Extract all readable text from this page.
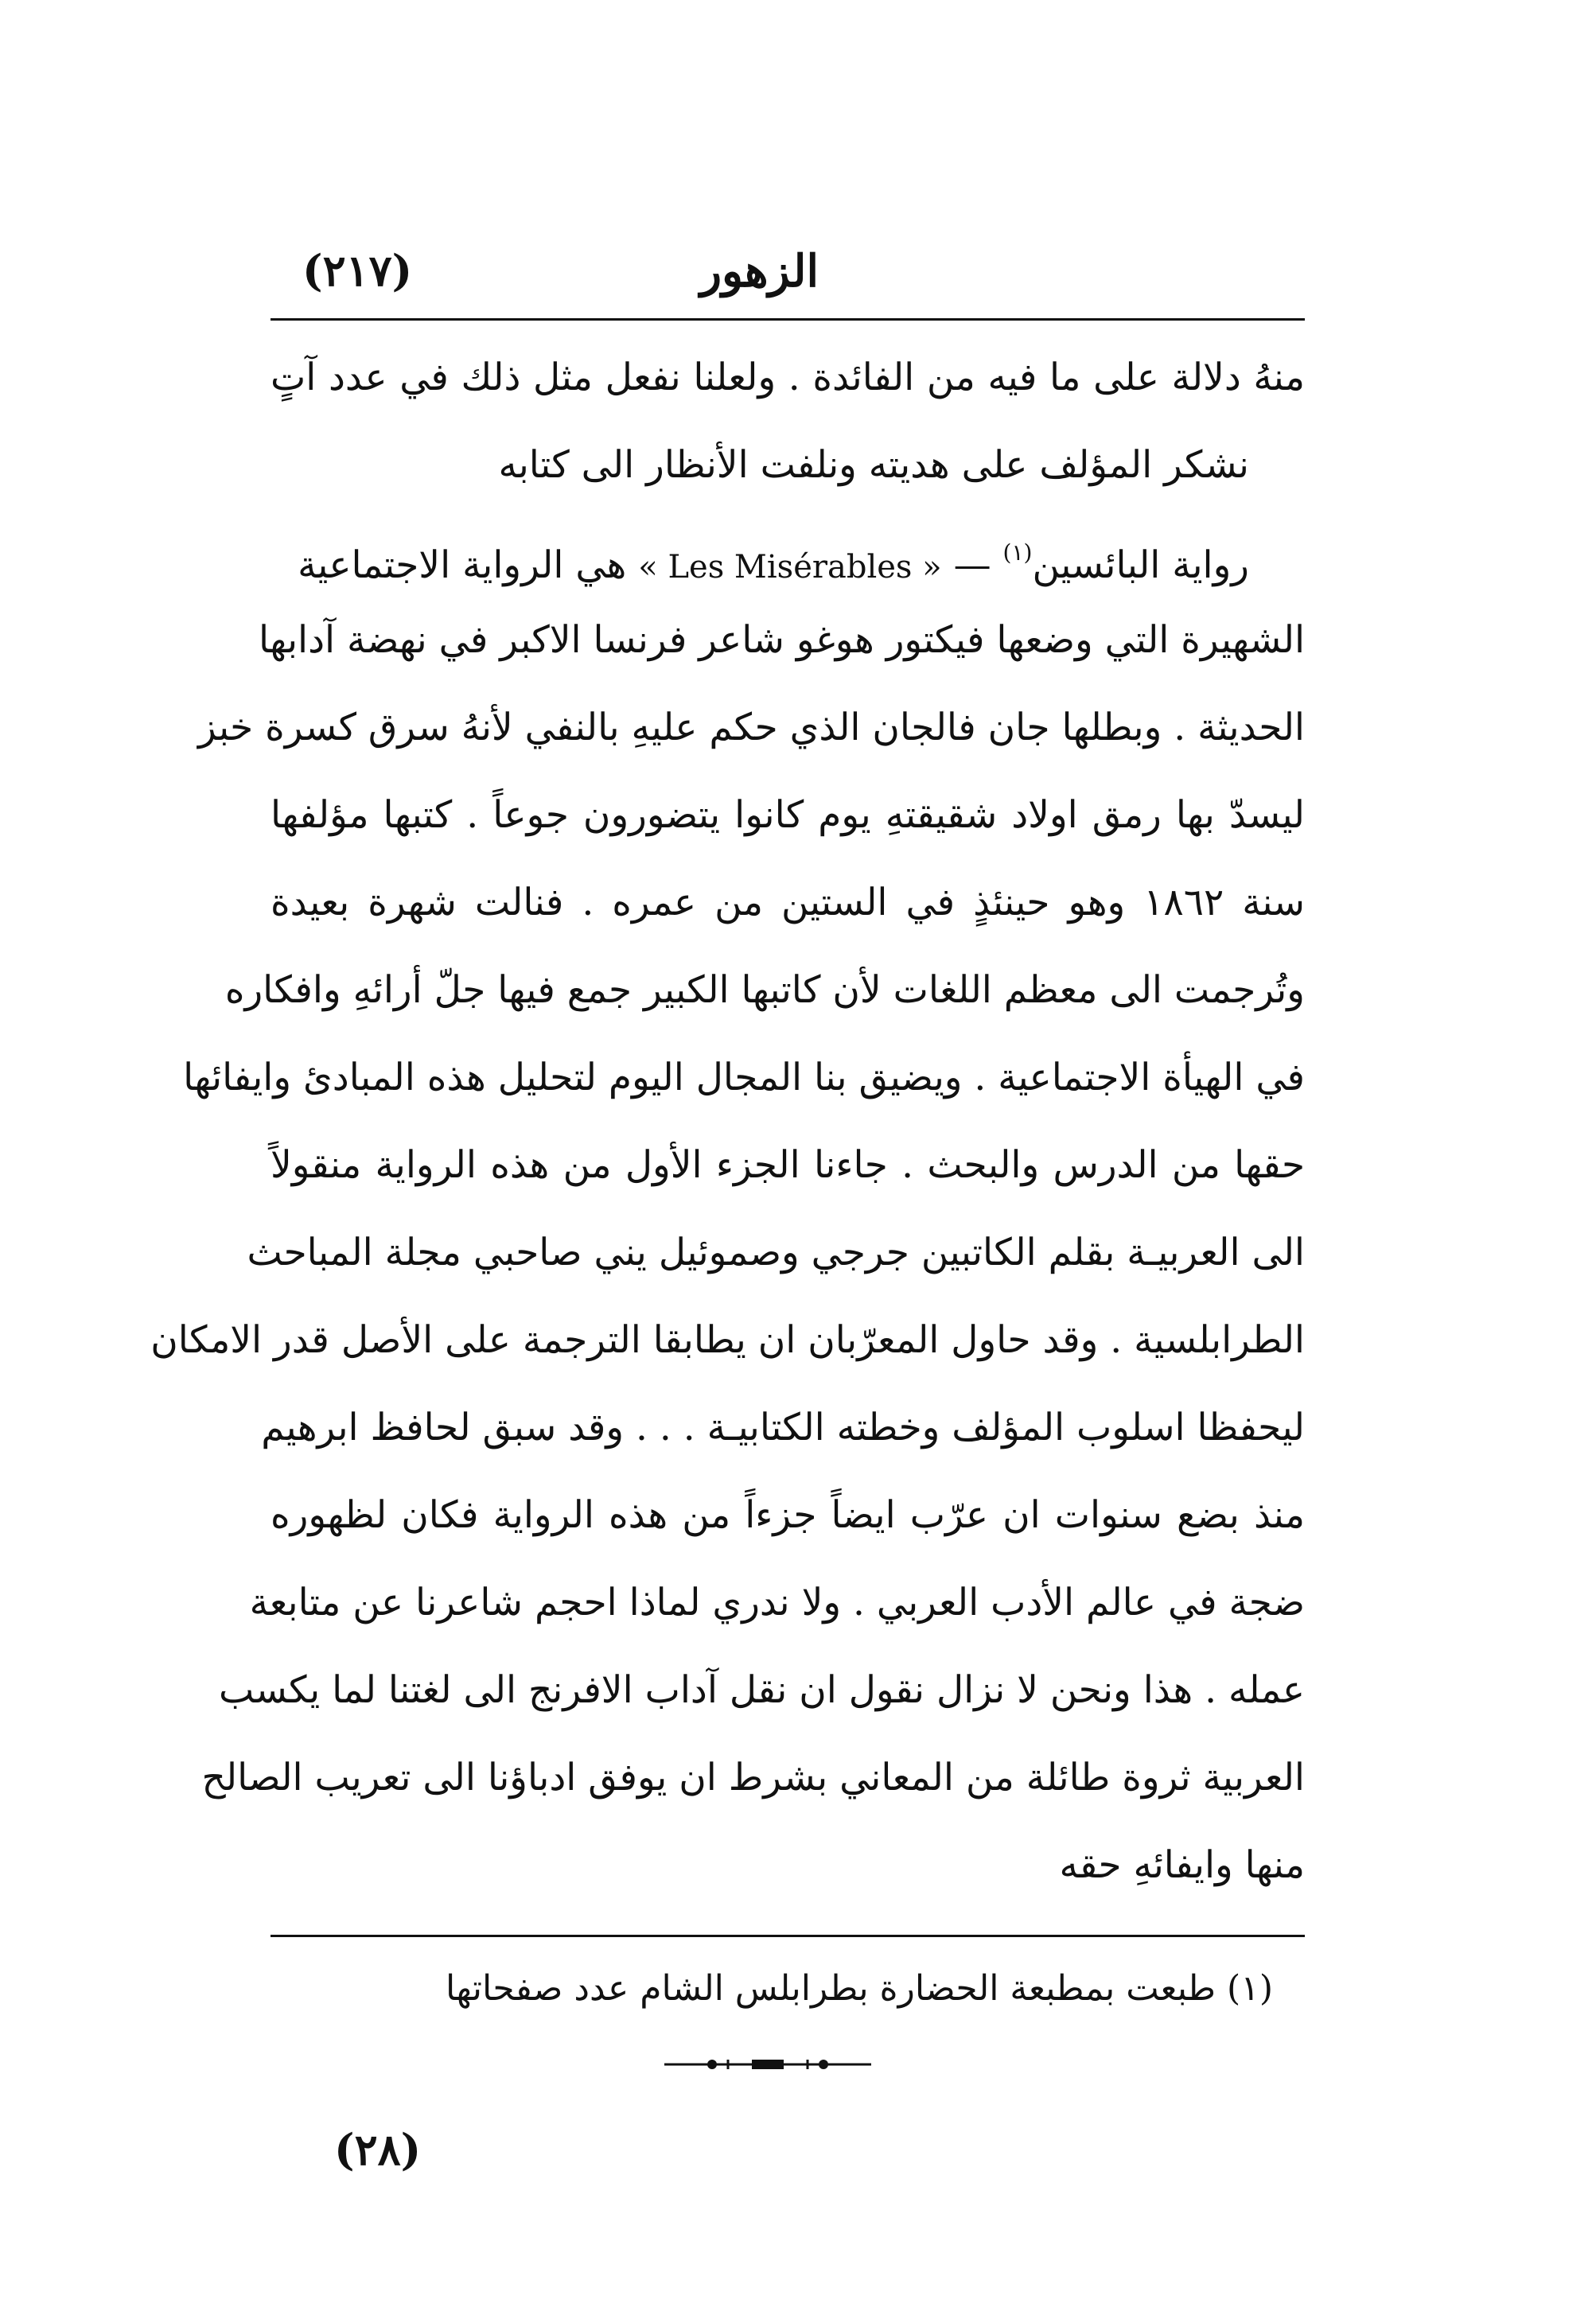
(٢١٧)	الزهور
منهُ دلالة على ما فيه من الفائدة . ولعلنا نفعل مثل ذلك في عدد آتٍ
نشكر المؤلف على هديته ونلفت الأنظار الى كتابه
رواية البائسين$^{(١)}$ — « Les Misérables » هي الرواية الاجتماعية
الشهيرة التي وضعها فيكتور هوغو شاعر فرنسا الاكبر في نهضة آدابها
الحديثة . وبطلها جان فالجان الذي حكم عليهِ بالنفي لأنهُ سرق كسرة خبز
ليسدّ بها رمق اولاد شقيقتهِ يوم كانوا يتضورون جوعاً . كتبها مؤلفها
سنة ١٨٦٢ وهو حينئذٍ في الستين من عمره . فنالت شهرة بعيدة
وتُرجمت الى معظم اللغات لأن كاتبها الكبير جمع فيها جلّ أرائهِ وافكاره
في الهيأة الاجتماعية . ويضيق بنا المجال اليوم لتحليل هذه المبادئ وايفائها
حقها من الدرس والبحث . جاءنا الجزء الأول من هذه الرواية منقولاً
الى العربيـة بقلم الكاتبين جرجي وصموئيل يني صاحبي مجلة المباحث
الطرابلسية . وقد حاول المعرّبان ان يطابقا الترجمة على الأصل قدر الامكان
ليحفظا اسلوب المؤلف وخطته الكتابيـة . . . وقد سبق لحافظ ابرهيم
منذ بضع سنوات ان عرّب ايضاً جزءاً من هذه الرواية فكان لظهوره
ضجة في عالم الأدب العربي . ولا ندري لماذا احجم شاعرنا عن متابعة
عمله . هذا ونحن لا نزال نقول ان نقل آداب الافرنج الى لغتنا لما يكسب
العربية ثروة طائلة من المعاني بشرط ان يوفق ادباؤنا الى تعريب الصالح
منها وايفائهِ حقه
(١) طبعت بمطبعة الحضارة بطرابلس الشام عدد صفحاتها
(٢٨)
